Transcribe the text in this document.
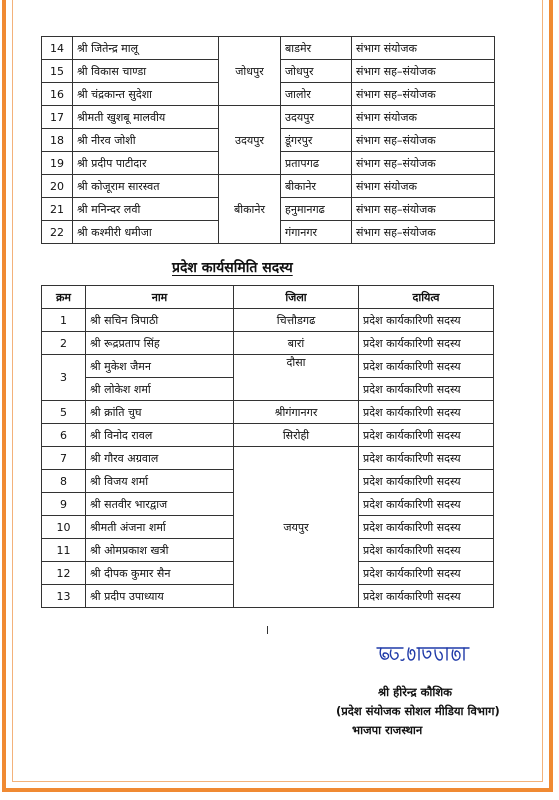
14	श्री जितेन्द्र मालू	जोधपुर	बाडमेर	संभाग संयोजक
15	श्री विकास चाण्डा		जोधपुर	संभाग सह–संयोजक
16	श्री चंद्रकान्त सुदेशा		जालोर	संभाग सह–संयोजक
17	श्रीमती खुशबू मालवीय	उदयपुर	उदयपुर	संभाग संयोजक
18	श्री नीरव जोशी		डूंगरपुर	संभाग सह–संयोजक
19	श्री प्रदीप पाटीदार		प्रतापगढ	संभाग सह–संयोजक
20	श्री कोजूराम सारस्वत	बीकानेर	बीकानेर	संभाग संयोजक
21	श्री मनिन्दर लवी		हनुमानगढ	संभाग सह–संयोजक
22	श्री कश्मीरी धमीजा		गंगानगर	संभाग सह–संयोजक
प्रदेश कार्यसमिति सदस्य
क्रम	नाम	जिला	दायित्व
1	श्री सचिन त्रिपाठी	चित्तौडगढ	प्रदेश कार्यकारिणी सदस्य
2	श्री रूद्रप्रताप सिंह	बारां	प्रदेश कार्यकारिणी सदस्य
3	श्री मुकेश जैमन	दौसा	प्रदेश कार्यकारिणी सदस्य
	श्री लोकेश शर्मा		प्रदेश कार्यकारिणी सदस्य
5	श्री क्रांति चुघ	श्रीगंगानगर	प्रदेश कार्यकारिणी सदस्य
6	श्री विनोद रावल	सिरोही	प्रदेश कार्यकारिणी सदस्य
7	श्री गौरव अग्रवाल	जयपुर	प्रदेश कार्यकारिणी सदस्य
8	श्री विजय शर्मा		प्रदेश कार्यकारिणी सदस्य
9	श्री सतवीर भारद्वाज		प्रदेश कार्यकारिणी सदस्य
10	श्रीमती अंजना शर्मा		प्रदेश कार्यकारिणी सदस्य
11	श्री ओमप्रकाश खत्री		प्रदेश कार्यकारिणी सदस्य
12	श्री दीपक कुमार सैन		प्रदेश कार्यकारिणी सदस्य
13	श्री प्रदीप उपाध्याय		प्रदेश कार्यकारिणी सदस्य
श्री हीरेन्द्र कौशिक
(प्रदेश संयोजक सोशल मीडिया विभाग)
भाजपा राजस्थान
